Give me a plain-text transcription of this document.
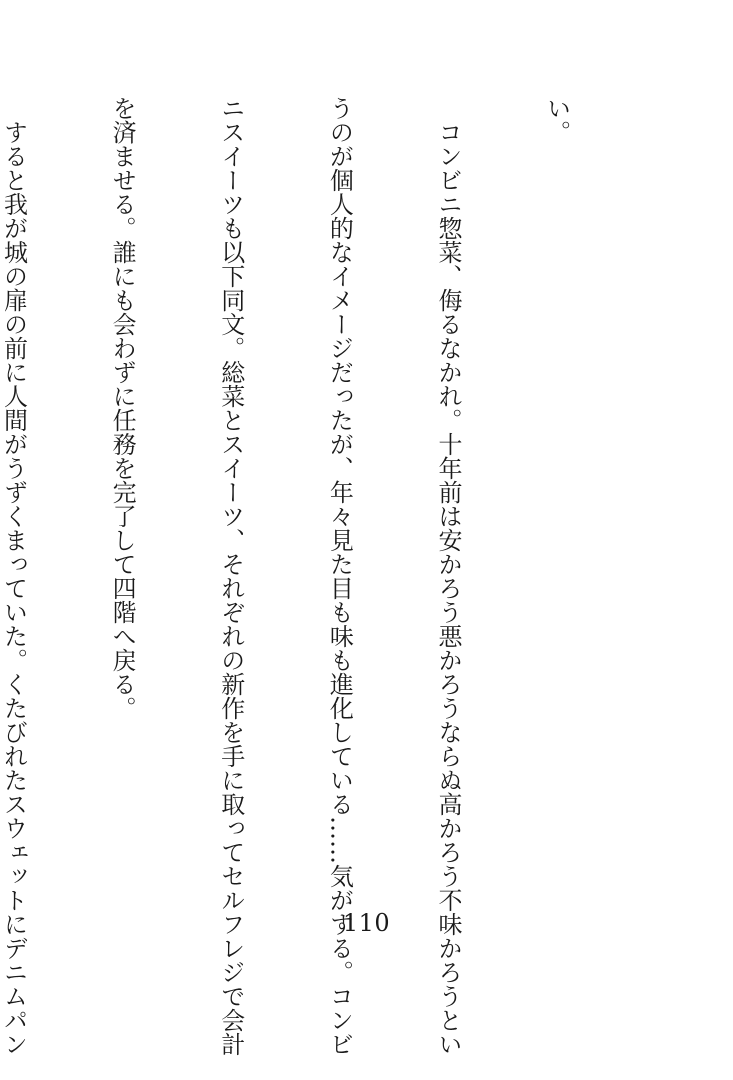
い。

　コンビニ惣菜、侮るなかれ。十年前は安かろう悪かろうならぬ高かろう不味かろうとい

うのが個人的なイメージだったが、年々見た目も味も進化している……気がする。コンビ

ニスイーツも以下同文。総菜とスイーツ、それぞれの新作を手に取ってセルフレジで会計

を済ませる。誰にも会わずに任務を完了して四階へ戻る。

　すると我が城の扉の前に人間がうずくまっていた。くたびれたスウェットにデニムパン

	110
